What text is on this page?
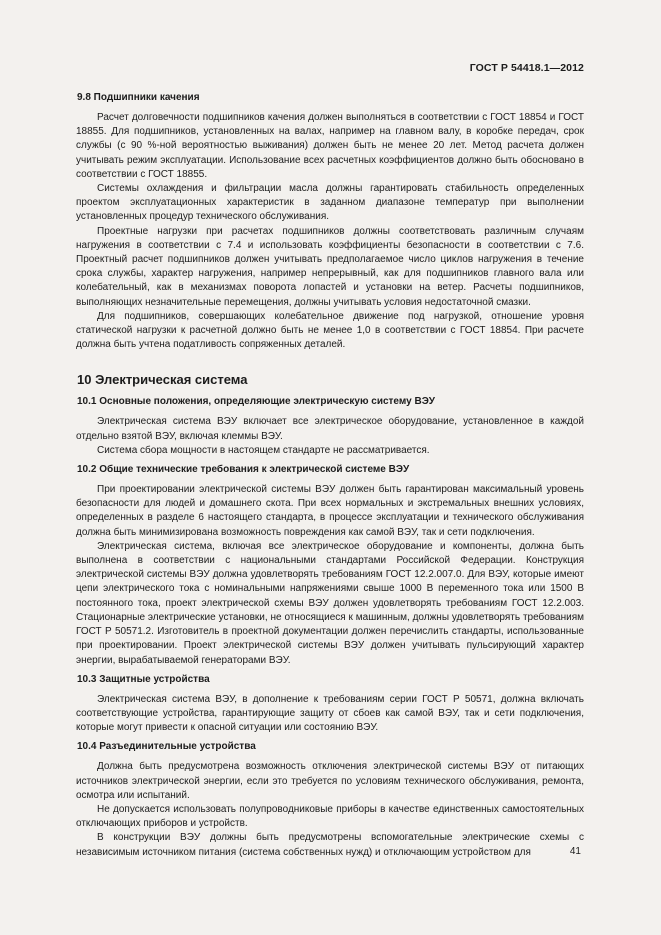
ГОСТ Р 54418.1—2012
9.8 Подшипники качения

Расчет долговечности подшипников качения должен выполняться в соответствии с ГОСТ 18854 и ГОСТ 18855. Для подшипников, установленных на валах, например на главном валу, в коробке передач, срок службы (с 90 %-ной вероятностью выживания) должен быть не менее 20 лет. Метод расчета должен учитывать режим эксплуатации. Использование всех расчетных коэффициентов должно быть обосновано в соответствии с ГОСТ 18855.

Системы охлаждения и фильтрации масла должны гарантировать стабильность определенных проектом эксплуатационных характеристик в заданном диапазоне температур при выполнении установленных процедур технического обслуживания.

Проектные нагрузки при расчетах подшипников должны соответствовать различным случаям нагружения в соответствии с 7.4 и использовать коэффициенты безопасности в соответствии с 7.6. Проектный расчет подшипников должен учитывать предполагаемое число циклов нагружения в течение срока службы, характер нагружения, например непрерывный, как для подшипников главного вала или колебательный, как в механизмах поворота лопастей и установки на ветер. Расчеты подшипников, выполняющих незначительные перемещения, должны учитывать условия недостаточной смазки.

Для подшипников, совершающих колебательное движение под нагрузкой, отношение уровня статической нагрузки к расчетной должно быть не менее 1,0 в соответствии с ГОСТ 18854. При расчете должна быть учтена податливость сопряженных деталей.

10 Электрическая система
10.1 Основные положения, определяющие электрическую систему ВЭУ

Электрическая система ВЭУ включает все электрическое оборудование, установленное в каждой отдельно взятой ВЭУ, включая клеммы ВЭУ.

Система сбора мощности в настоящем стандарте не рассматривается.

10.2 Общие технические требования к электрической системе ВЭУ

При проектировании электрической системы ВЭУ должен быть гарантирован максимальный уровень безопасности для людей и домашнего скота. При всех нормальных и экстремальных внешних условиях, определенных в разделе 6 настоящего стандарта, в процессе эксплуатации и технического обслуживания должна быть минимизирована возможность повреждения как самой ВЭУ, так и сети подключения.

Электрическая система, включая все электрическое оборудование и компоненты, должна быть выполнена в соответствии с национальными стандартами Российской Федерации. Конструкция электрической системы ВЭУ должна удовлетворять требованиям ГОСТ 12.2.007.0. Для ВЭУ, которые имеют цепи электрического тока с номинальными напряжениями свыше 1000 В переменного тока или 1500 В постоянного тока, проект электрической схемы ВЭУ должен удовлетворять требованиям ГОСТ 12.2.003. Стационарные электрические установки, не относящиеся к машинным, должны удовлетворять требованиям ГОСТ Р 50571.2. Изготовитель в проектной документации должен перечислить стандарты, использованные при проектировании. Проект электрической системы ВЭУ должен учитывать пульсирующий характер энергии, вырабатываемой генераторами ВЭУ.

10.3 Защитные устройства

Электрическая система ВЭУ, в дополнение к требованиям серии ГОСТ Р 50571, должна включать соответствующие устройства, гарантирующие защиту от сбоев как самой ВЭУ, так и сети подключения, которые могут привести к опасной ситуации или состоянию ВЭУ.

10.4 Разъединительные устройства

Должна быть предусмотрена возможность отключения электрической системы ВЭУ от питающих источников электрической энергии, если это требуется по условиям технического обслуживания, ремонта, осмотра или испытаний.

Не допускается использовать полупроводниковые приборы в качестве единственных самостоятельных отключающих приборов и устройств.

В конструкции ВЭУ должны быть предусмотрены вспомогательные электрические схемы с независимым источником питания (система собственных нужд) и отключающим устройством для	41
